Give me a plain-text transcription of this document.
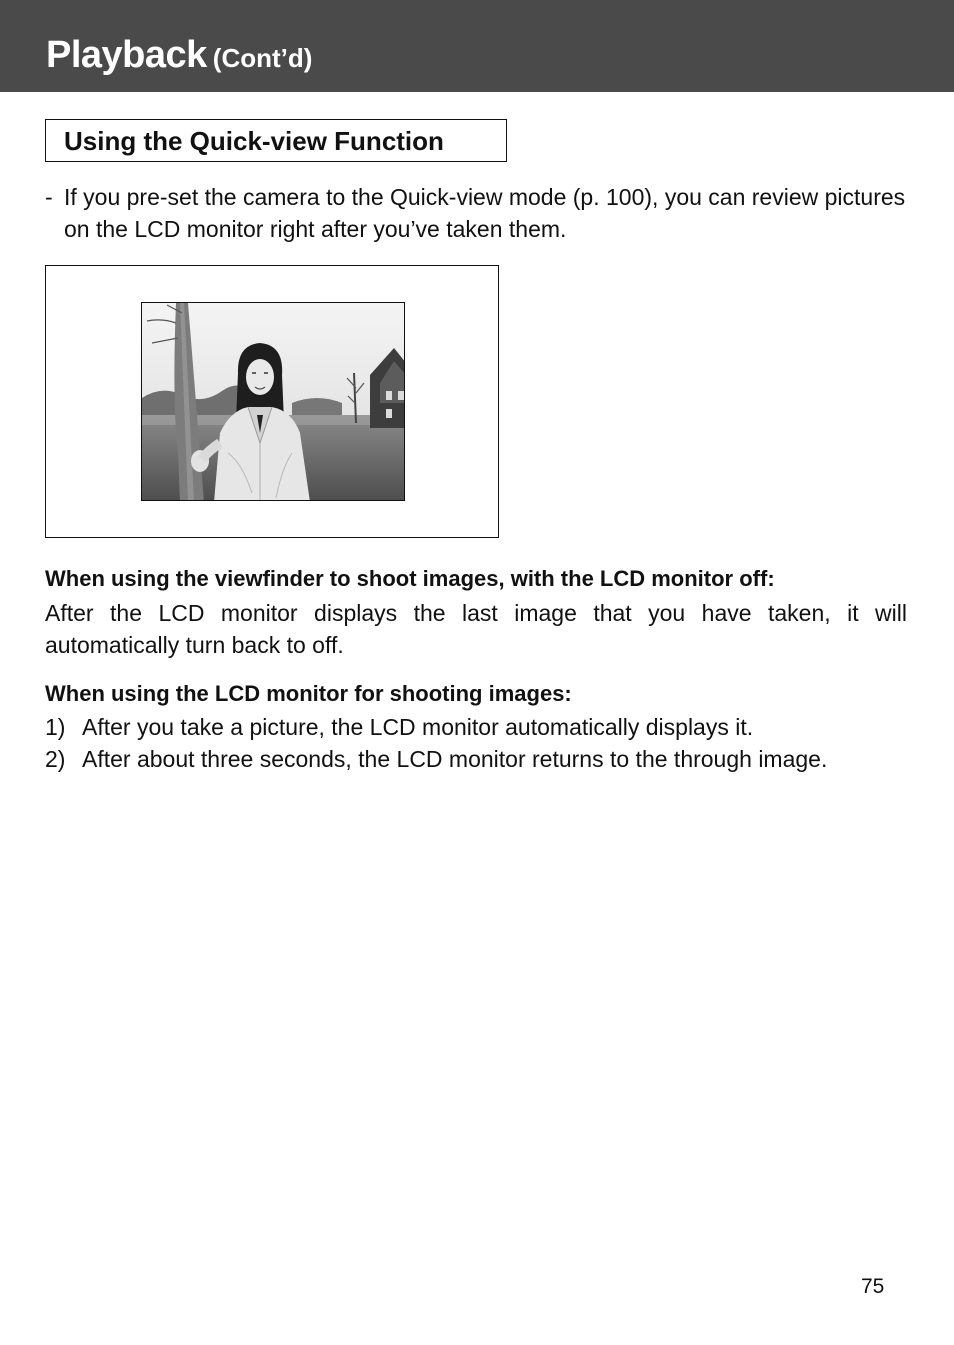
Playback (Cont’d)
Using the Quick-view Function
- If you pre-set the camera to the Quick-view mode (p. 100), you can review pictures on the LCD monitor right after you’ve taken them.
When using the viewfinder to shoot images, with the LCD monitor off:
After the LCD monitor displays the last image that you have taken, it will automatically turn back to off.
When using the LCD monitor for shooting images:
1) After you take a picture, the LCD monitor automatically displays it.
2) After about three seconds, the LCD monitor returns to the through image.
75
